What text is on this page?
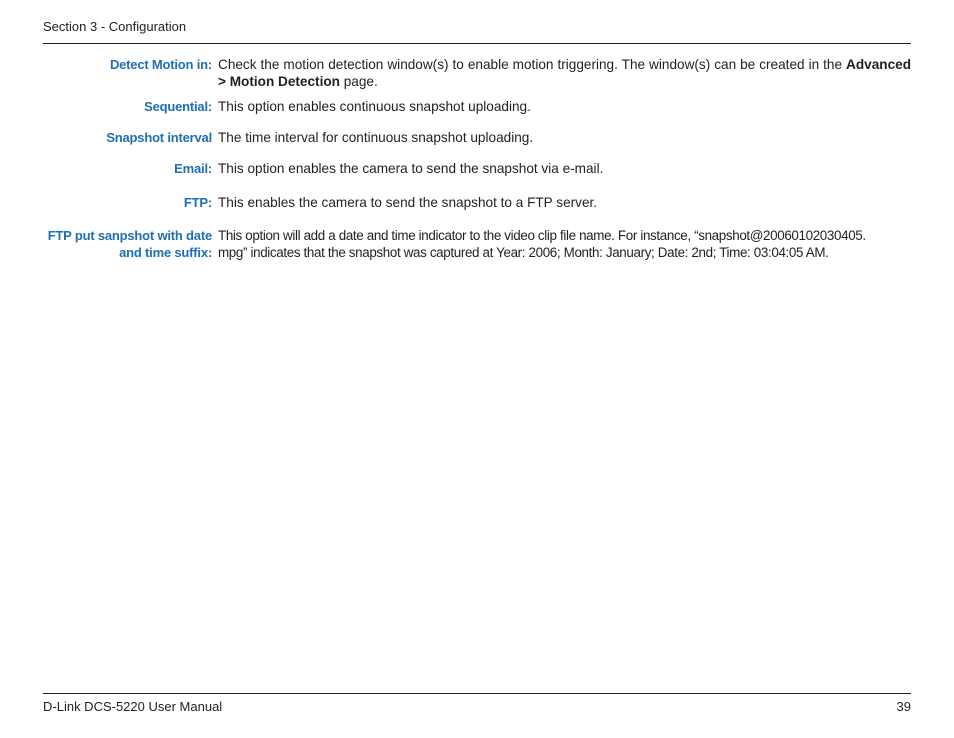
Section 3 - Configuration
Detect Motion in: Check the motion detection window(s) to enable motion triggering. The window(s) can be created in the Advanced > Motion Detection page.
Sequential: This option enables continuous snapshot uploading.
Snapshot interval The time interval for continuous snapshot uploading.
Email: This option enables the camera to send the snapshot via e-mail.
FTP: This enables the camera to send the snapshot to a FTP server.
FTP put sanpshot with date
and time suffix:
This option will add a date and time indicator to the video clip file name. For instance, “snapshot@20060102030405.
mpg” indicates that the snapshot was captured at Year: 2006; Month: January; Date: 2nd; Time: 03:04:05 AM.
D-Link DCS-5220 User Manual	39
